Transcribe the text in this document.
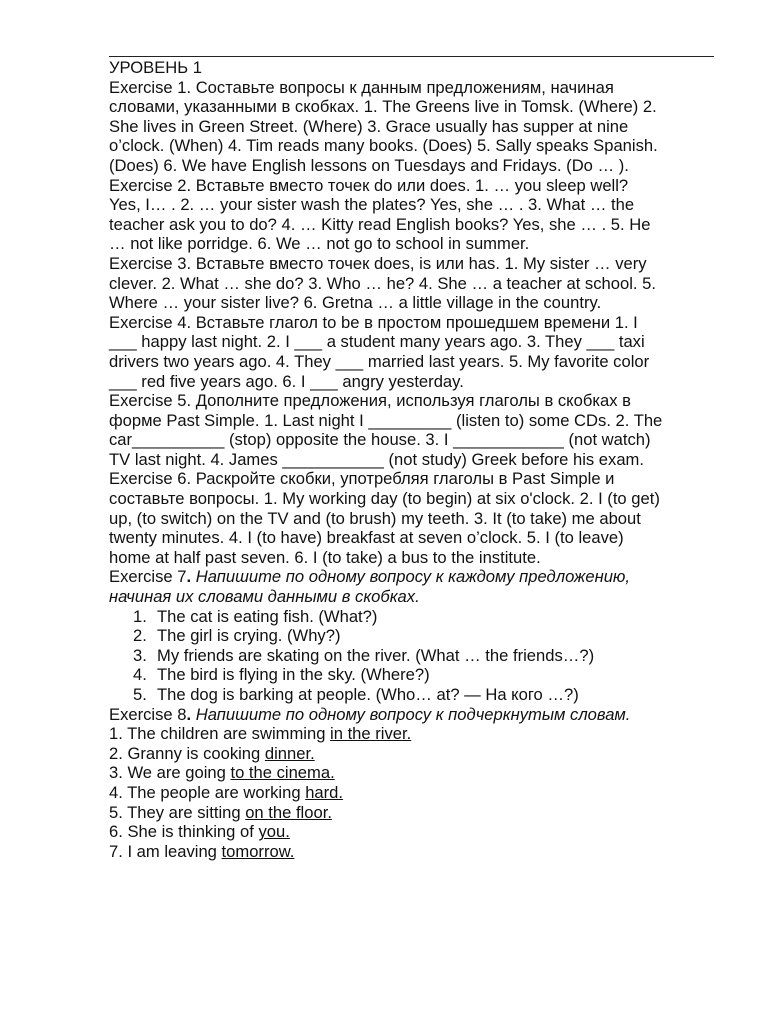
УРОВЕНЬ 1
Exercise 1. Составьте вопросы к данным предложениям, начиная
словами, указанными в скобках. 1. The Greens live in Tomsk. (Where) 2.
She lives in Green Street. (Where) 3. Grace usually has supper at nine
o’clock. (When) 4. Tim reads many books. (Does) 5. Sally speaks Spanish.
(Does) 6. We have English lessons on Tuesdays and Fridays. (Do … ).
Exercise 2. Вставьте вместо точек do или does. 1. … you sleep well?
Yes, I… . 2. … your sister wash the plates? Yes, she … . 3. What … the
teacher ask you to do? 4. … Kitty read English books? Yes, she … . 5. He
… not like porridge. 6. We … not go to school in summer.
Exercise 3. Вставьте вместо точек does, is или has. 1. My sister … very
clever. 2. What … she do? 3. Who … he? 4. She … a teacher at school. 5.
Where … your sister live? 6. Gretna … a little village in the country.
Exercise 4. Вставьте глагол to be в простом прошедшем времени 1. I
___ happy last night. 2. I ___ a student many years ago. 3. They ___ taxi
drivers two years ago. 4. They ___ married last years. 5. My favorite color
___ red five years ago. 6. I ___ angry yesterday.
Exercise 5. Дополните предложения, используя глаголы в скобках в
форме Past Simple. 1. Last night I _________ (listen to) some CDs. 2. The
car__________ (stop) opposite the house. 3. I ____________ (not watch)
TV last night. 4. James ___________ (not study) Greek before his exam.
Exercise 6. Раскройте скобки, употребляя глаголы в Past Simple и
составьте вопросы. 1. My working day (to begin) at six o'clock. 2. I (to get)
up, (to switch) on the TV and (to brush) my teeth. 3. It (to take) me about
twenty minutes. 4. I (to have) breakfast at seven o’clock. 5. I (to leave)
home at half past seven. 6. I (to take) a bus to the institute.
Exercise 7. Напишите по одному вопросу к каждому предложению,
начиная их словами данными в скобках.
1. The cat is eating fish. (What?)
2. The girl is crying. (Why?)
3. My friends are skating on the river. (What … the friends…?)
4. The bird is flying in the sky. (Where?)
5. The dog is barking at people. (Who… at? — На кого …?)
Exercise 8. Напишите по одному вопросу к подчеркнутым словам.
1. The children are swimming in the river.
2. Granny is cooking dinner.
3. We are going to the cinema.
4. The people are working hard.
5. They are sitting on the floor.
6. She is thinking of you.
7. I am leaving tomorrow.
